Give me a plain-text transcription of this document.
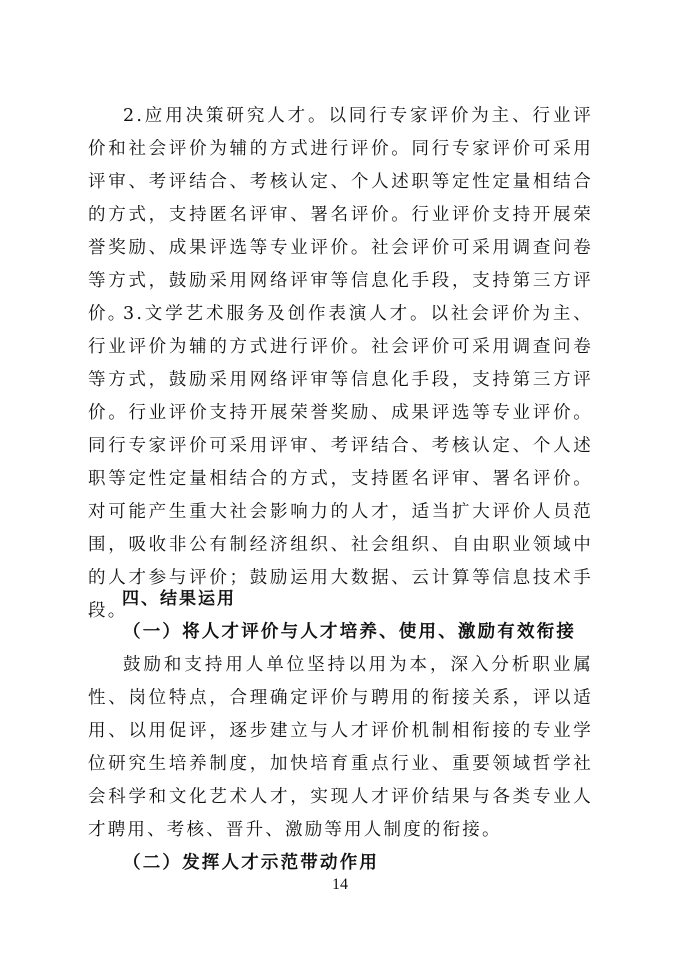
2.应用决策研究人才。以同行专家评价为主、行业评价和社会评价为辅的方式进行评价。同行专家评价可采用评审、考评结合、考核认定、个人述职等定性定量相结合的方式，支持匿名评审、署名评价。行业评价支持开展荣誉奖励、成果评选等专业评价。社会评价可采用调查问卷等方式，鼓励采用网络评审等信息化手段，支持第三方评价。

3.文学艺术服务及创作表演人才。以社会评价为主、行业评价为辅的方式进行评价。社会评价可采用调查问卷等方式，鼓励采用网络评审等信息化手段，支持第三方评价。行业评价支持开展荣誉奖励、成果评选等专业评价。同行专家评价可采用评审、考评结合、考核认定、个人述职等定性定量相结合的方式，支持匿名评审、署名评价。对可能产生重大社会影响力的人才，适当扩大评价人员范围，吸收非公有制经济组织、社会组织、自由职业领域中的人才参与评价；鼓励运用大数据、云计算等信息技术手段。

四、结果运用

（一）将人才评价与人才培养、使用、激励有效衔接

鼓励和支持用人单位坚持以用为本，深入分析职业属性、岗位特点，合理确定评价与聘用的衔接关系，评以适用、以用促评，逐步建立与人才评价机制相衔接的专业学位研究生培养制度，加快培育重点行业、重要领域哲学社会科学和文化艺术人才，实现人才评价结果与各类专业人才聘用、考核、晋升、激励等用人制度的衔接。

（二）发挥人才示范带动作用

14
